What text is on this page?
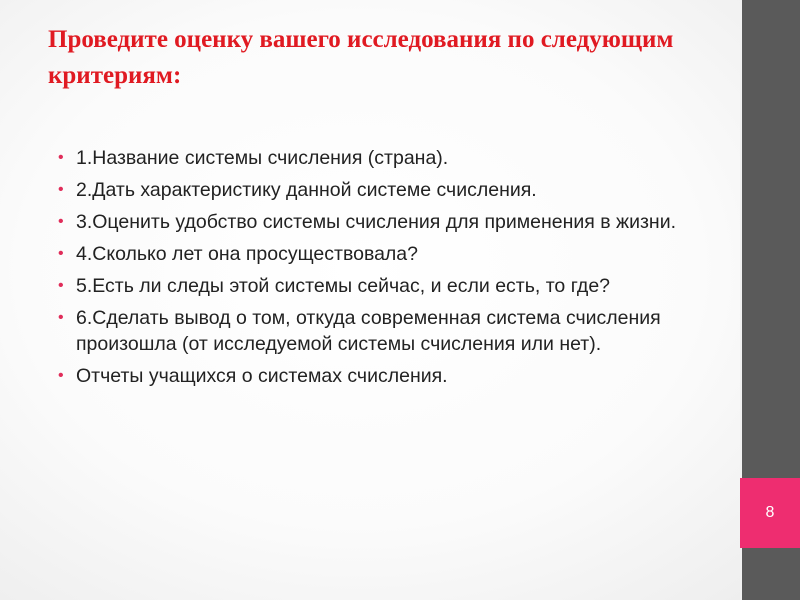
Проведите оценку вашего исследования по следующим критериям:
• 1.Название системы счисления (страна).
• 2.Дать характеристику данной системе счисления.
• 3.Оценить удобство системы счисления для применения в жизни.
• 4.Сколько лет она просуществовала?
• 5.Есть ли следы этой системы сейчас, и если есть, то где?
• 6.Сделать вывод о том, откуда современная система счисления произошла (от исследуемой системы счисления или нет).
• Отчеты учащихся о системах счисления.
8
